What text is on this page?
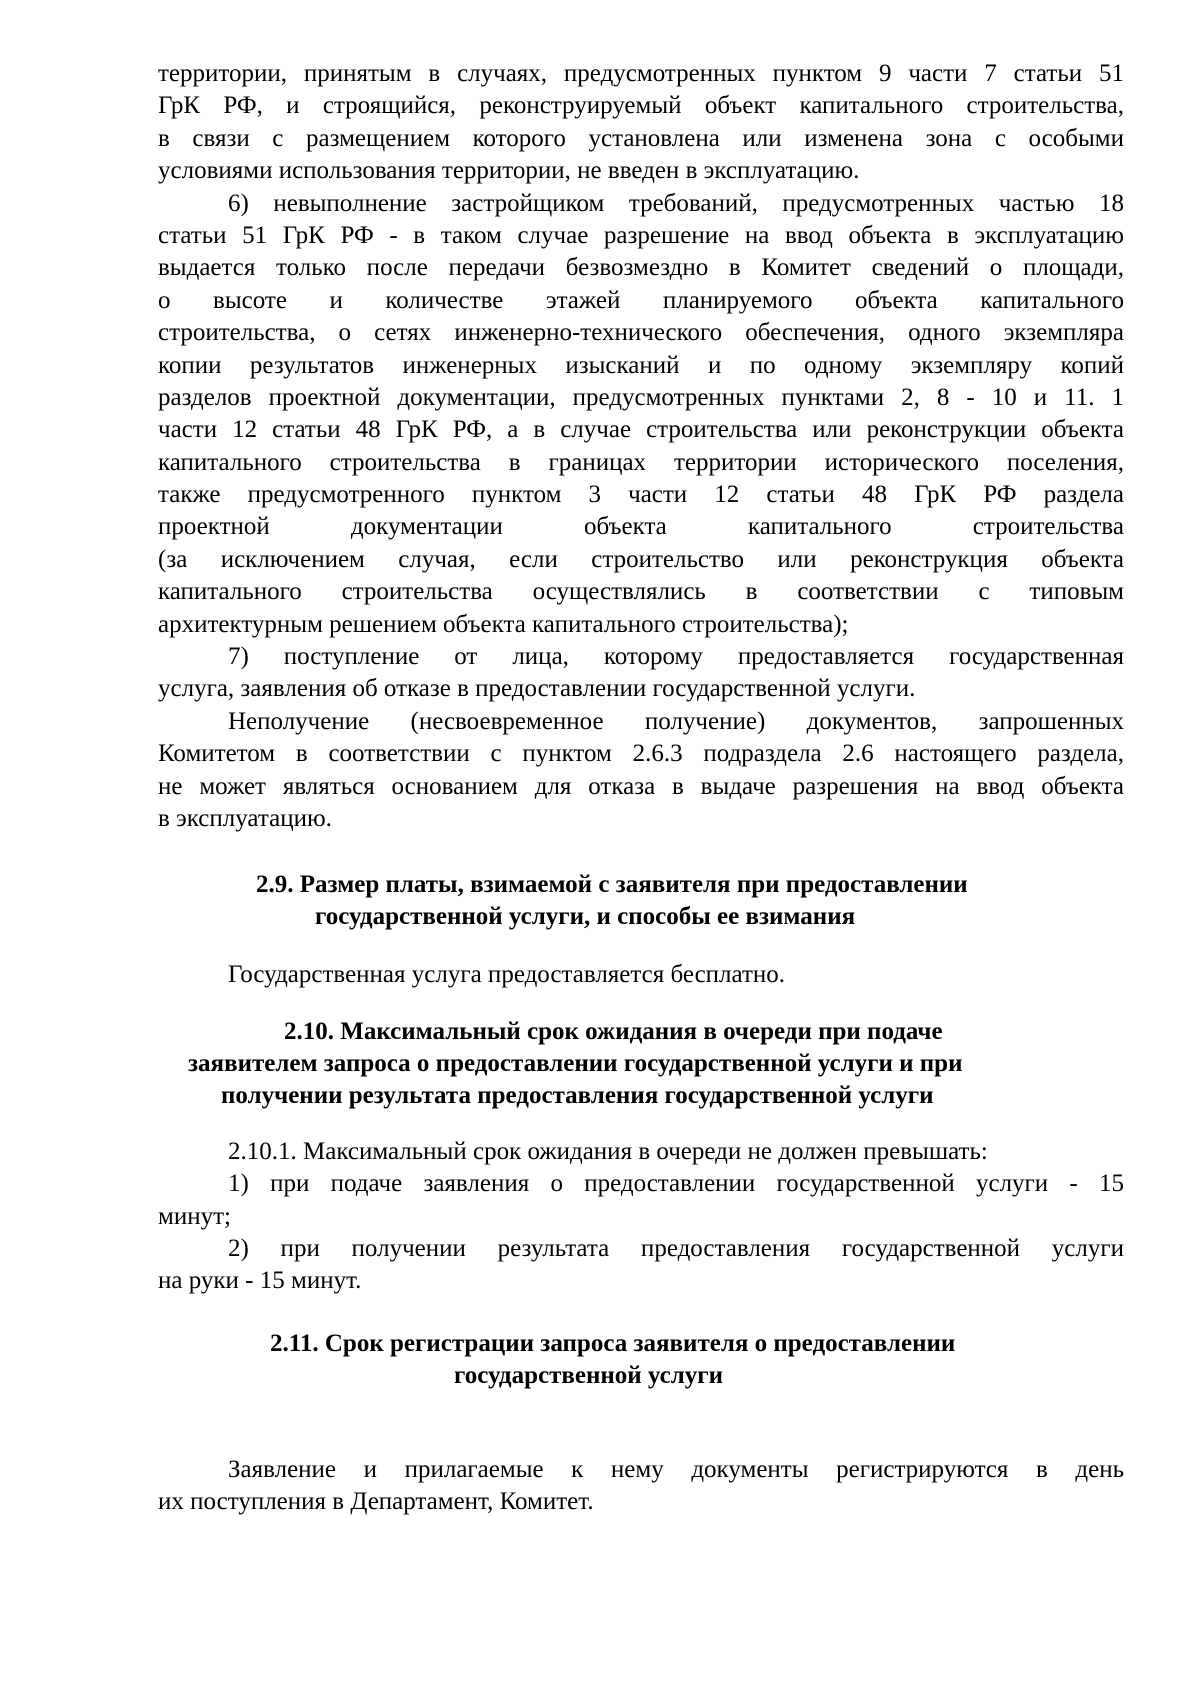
территории, принятым в случаях, предусмотренных пунктом 9 части 7 статьи 51
ГрК РФ, и строящийся, реконструируемый объект капитального строительства,
в связи с размещением которого установлена или изменена зона с особыми
условиями использования территории, не введен в эксплуатацию.
6) невыполнение застройщиком требований, предусмотренных частью 18
статьи 51 ГрК РФ - в таком случае разрешение на ввод объекта в эксплуатацию
выдается только после передачи безвозмездно в Комитет сведений о площади,
о высоте и количестве этажей планируемого объекта капитального
строительства, о сетях инженерно-технического обеспечения, одного экземпляра
копии результатов инженерных изысканий и по одному экземпляру копий
разделов проектной документации, предусмотренных пунктами 2, 8 - 10 и 11. 1
части 12 статьи 48 ГрК РФ, а в случае строительства или реконструкции объекта
капитального строительства в границах территории исторического поселения,
также предусмотренного пунктом 3 части 12 статьи 48 ГрК РФ раздела
проектной документации объекта капитального строительства
(за исключением случая, если строительство или реконструкция объекта
капитального строительства осуществлялись в соответствии с типовым
архитектурным решением объекта капитального строительства);
7) поступление от лица, которому предоставляется государственная
услуга, заявления об отказе в предоставлении государственной услуги.
Неполучение (несвоевременное получение) документов, запрошенных
Комитетом в соответствии с пунктом 2.6.3 подраздела 2.6 настоящего раздела,
не может являться основанием для отказа в выдаче разрешения на ввод объекта
в эксплуатацию.
2.9. Размер платы, взимаемой с заявителя при предоставлении
государственной услуги, и способы ее взимания
Государственная услуга предоставляется бесплатно.
2.10. Максимальный срок ожидания в очереди при подаче
заявителем запроса о предоставлении государственной услуги и при
получении результата предоставления государственной услуги
2.10.1. Максимальный срок ожидания в очереди не должен превышать:
1) при подаче заявления о предоставлении государственной услуги - 15
минут;
2) при получении результата предоставления государственной услуги
на руки - 15 минут.
2.11. Срок регистрации запроса заявителя о предоставлении
государственной услуги
Заявление и прилагаемые к нему документы регистрируются в день
их поступления в Департамент, Комитет.
